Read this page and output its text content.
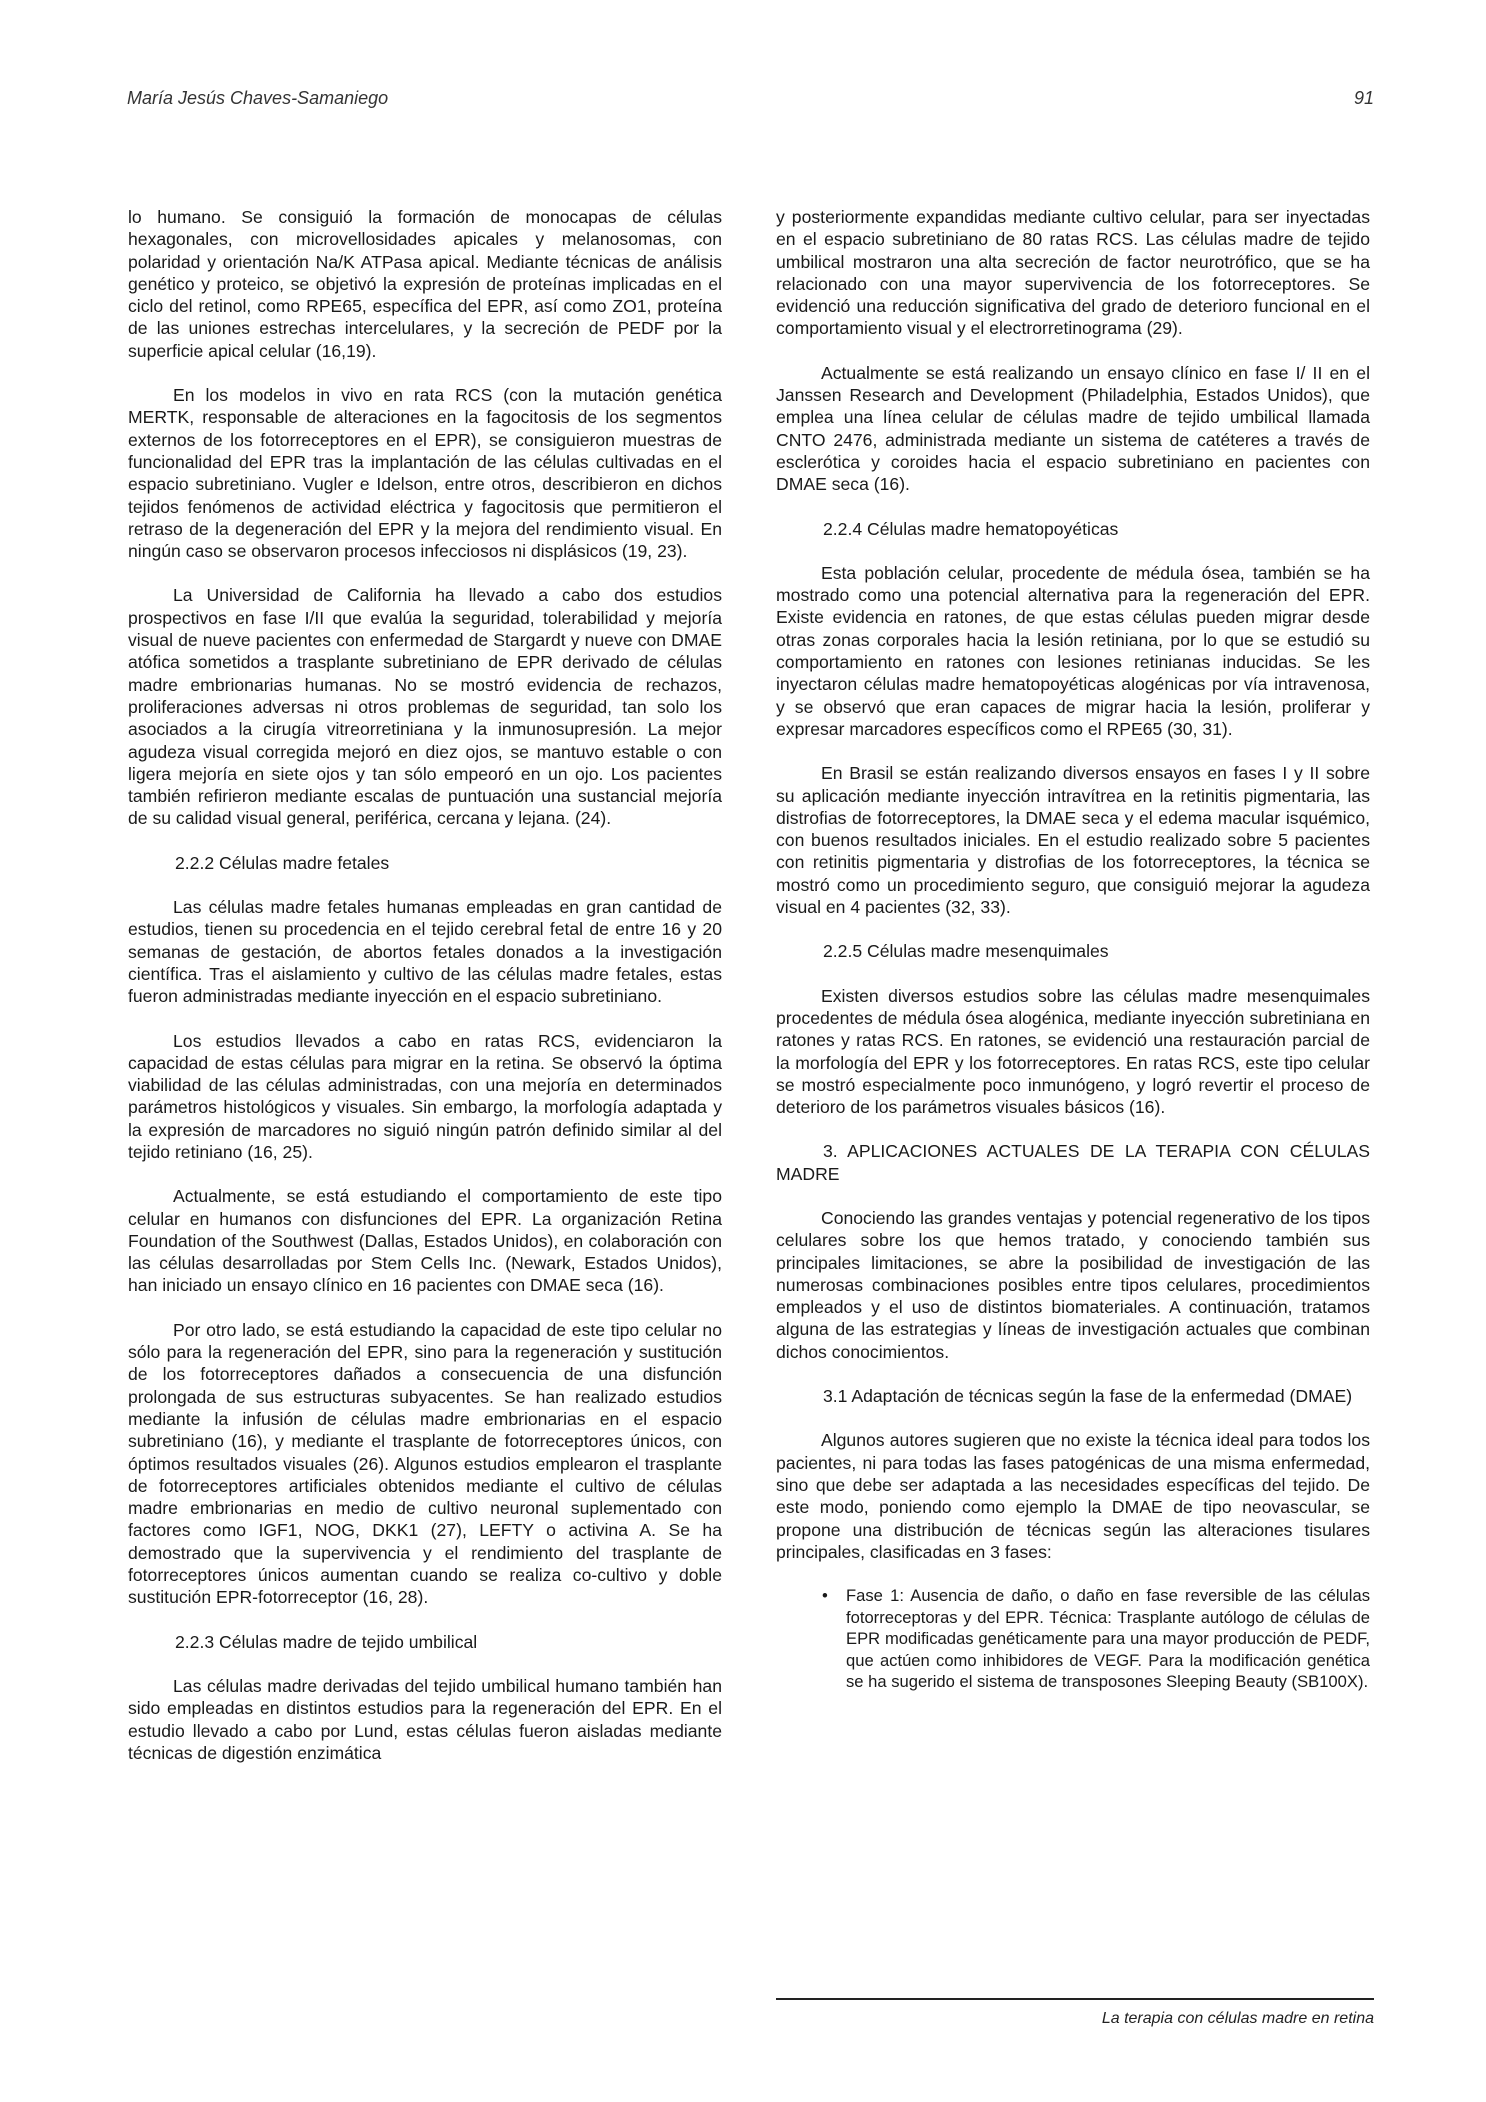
María Jesús Chaves-Samaniego	91

lo humano. Se consiguió la formación de monocapas de células hexagonales, con microvellosidades apicales y melanosomas, con polaridad y orientación Na/K ATPasa apical. Mediante técnicas de análisis genético y proteico, se objetivó la expresión de proteínas implicadas en el ciclo del retinol, como RPE65, específica del EPR, así como ZO1, proteína de las uniones estrechas intercelulares, y la secreción de PEDF por la superficie apical celular (16,19).

En los modelos in vivo en rata RCS (con la mutación genética MERTK, responsable de alteraciones en la fagocitosis de los segmentos externos de los fotorreceptores en el EPR), se consiguieron muestras de funcionalidad del EPR tras la implantación de las células cultivadas en el espacio subretiniano. Vugler e Idelson, entre otros, describieron en dichos tejidos fenómenos de actividad eléctrica y fagocitosis que permitieron el retraso de la degeneración del EPR y la mejora del rendimiento visual. En ningún caso se observaron procesos infecciosos ni displásicos (19, 23).

La Universidad de California ha llevado a cabo dos estudios prospectivos en fase I/II que evalúa la seguridad, tolerabilidad y mejoría visual de nueve pacientes con enfermedad de Stargardt y nueve con DMAE atófica sometidos a trasplante subretiniano de EPR derivado de células madre embrionarias humanas. No se mostró evidencia de rechazos, proliferaciones adversas ni otros problemas de seguridad, tan solo los asociados a la cirugía vitreorretiniana y la inmunosupresión. La mejor agudeza visual corregida mejoró en diez ojos, se mantuvo estable o con ligera mejoría en siete ojos y tan sólo empeoró en un ojo. Los pacientes también refirieron mediante escalas de puntuación una sustancial mejoría de su calidad visual general, periférica, cercana y lejana. (24).

2.2.2 Células madre fetales

Las células madre fetales humanas empleadas en gran cantidad de estudios, tienen su procedencia en el tejido cerebral fetal de entre 16 y 20 semanas de gestación, de abortos fetales donados a la investigación científica. Tras el aislamiento y cultivo de las células madre fetales, estas fueron administradas mediante inyección en el espacio subretiniano.

Los estudios llevados a cabo en ratas RCS, evidenciaron la capacidad de estas células para migrar en la retina. Se observó la óptima viabilidad de las células administradas, con una mejoría en determinados parámetros histológicos y visuales. Sin embargo, la morfología adaptada y la expresión de marcadores no siguió ningún patrón definido similar al del tejido retiniano (16, 25).

Actualmente, se está estudiando el comportamiento de este tipo celular en humanos con disfunciones del EPR. La organización Retina Foundation of the Southwest (Dallas, Estados Unidos), en colaboración con las células desarrolladas por Stem Cells Inc. (Newark, Estados Unidos), han iniciado un ensayo clínico en 16 pacientes con DMAE seca (16).

Por otro lado, se está estudiando la capacidad de este tipo celular no sólo para la regeneración del EPR, sino para la regeneración y sustitución de los fotorreceptores dañados a consecuencia de una disfunción prolongada de sus estructuras subyacentes. Se han realizado estudios mediante la infusión de células madre embrionarias en el espacio subretiniano (16), y mediante el trasplante de fotorreceptores únicos, con óptimos resultados visuales (26). Algunos estudios emplearon el trasplante de fotorreceptores artificiales obtenidos mediante el cultivo de células madre embrionarias en medio de cultivo neuronal suplementado con factores como IGF1, NOG, DKK1 (27), LEFTY o activina A. Se ha demostrado que la supervivencia y el rendimiento del trasplante de fotorreceptores únicos aumentan cuando se realiza co-cultivo y doble sustitución EPR-fotorreceptor (16, 28).

2.2.3 Células madre de tejido umbilical

Las células madre derivadas del tejido umbilical humano también han sido empleadas en distintos estudios para la regeneración del EPR. En el estudio llevado a cabo por Lund, estas células fueron aisladas mediante técnicas de digestión enzimática

y posteriormente expandidas mediante cultivo celular, para ser inyectadas en el espacio subretiniano de 80 ratas RCS. Las células madre de tejido umbilical mostraron una alta secreción de factor neurotrófico, que se ha relacionado con una mayor supervivencia de los fotorreceptores. Se evidenció una reducción significativa del grado de deterioro funcional en el comportamiento visual y el electrorretinograma (29).

Actualmente se está realizando un ensayo clínico en fase I/ II en el Janssen Research and Development (Philadelphia, Estados Unidos), que emplea una línea celular de células madre de tejido umbilical llamada CNTO 2476, administrada mediante un sistema de catéteres a través de esclerótica y coroides hacia el espacio subretiniano en pacientes con DMAE seca (16).

2.2.4 Células madre hematopoyéticas

Esta población celular, procedente de médula ósea, también se ha mostrado como una potencial alternativa para la regeneración del EPR. Existe evidencia en ratones, de que estas células pueden migrar desde otras zonas corporales hacia la lesión retiniana, por lo que se estudió su comportamiento en ratones con lesiones retinianas inducidas. Se les inyectaron células madre hematopoyéticas alogénicas por vía intravenosa, y se observó que eran capaces de migrar hacia la lesión, proliferar y expresar marcadores específicos como el RPE65 (30, 31).

En Brasil se están realizando diversos ensayos en fases I y II sobre su aplicación mediante inyección intravítrea en la retinitis pigmentaria, las distrofias de fotorreceptores, la DMAE seca y el edema macular isquémico, con buenos resultados iniciales. En el estudio realizado sobre 5 pacientes con retinitis pigmentaria y distrofias de los fotorreceptores, la técnica se mostró como un procedimiento seguro, que consiguió mejorar la agudeza visual en 4 pacientes (32, 33).

2.2.5 Células madre mesenquimales

Existen diversos estudios sobre las células madre mesenquimales procedentes de médula ósea alogénica, mediante inyección subretiniana en ratones y ratas RCS. En ratones, se evidenció una restauración parcial de la morfología del EPR y los fotorreceptores. En ratas RCS, este tipo celular se mostró especialmente poco inmunógeno, y logró revertir el proceso de deterioro de los parámetros visuales básicos (16).

3. APLICACIONES ACTUALES DE LA TERAPIA CON CÉLULAS MADRE

Conociendo las grandes ventajas y potencial regenerativo de los tipos celulares sobre los que hemos tratado, y conociendo también sus principales limitaciones, se abre la posibilidad de investigación de las numerosas combinaciones posibles entre tipos celulares, procedimientos empleados y el uso de distintos biomateriales. A continuación, tratamos alguna de las estrategias y líneas de investigación actuales que combinan dichos conocimientos.

3.1 Adaptación de técnicas según la fase de la enfermedad (DMAE)

Algunos autores sugieren que no existe la técnica ideal para todos los pacientes, ni para todas las fases patogénicas de una misma enfermedad, sino que debe ser adaptada a las necesidades específicas del tejido. De este modo, poniendo como ejemplo la DMAE de tipo neovascular, se propone una distribución de técnicas según las alteraciones tisulares principales, clasificadas en 3 fases:

•	Fase 1: Ausencia de daño, o daño en fase reversible de las células fotorreceptoras y del EPR. Técnica: Trasplante autólogo de células de EPR modificadas genéticamente para una mayor producción de PEDF, que actúen como inhibidores de VEGF. Para la modificación genética se ha sugerido el sistema de transposones Sleeping Beauty (SB100X).
La terapia con células madre en retina
